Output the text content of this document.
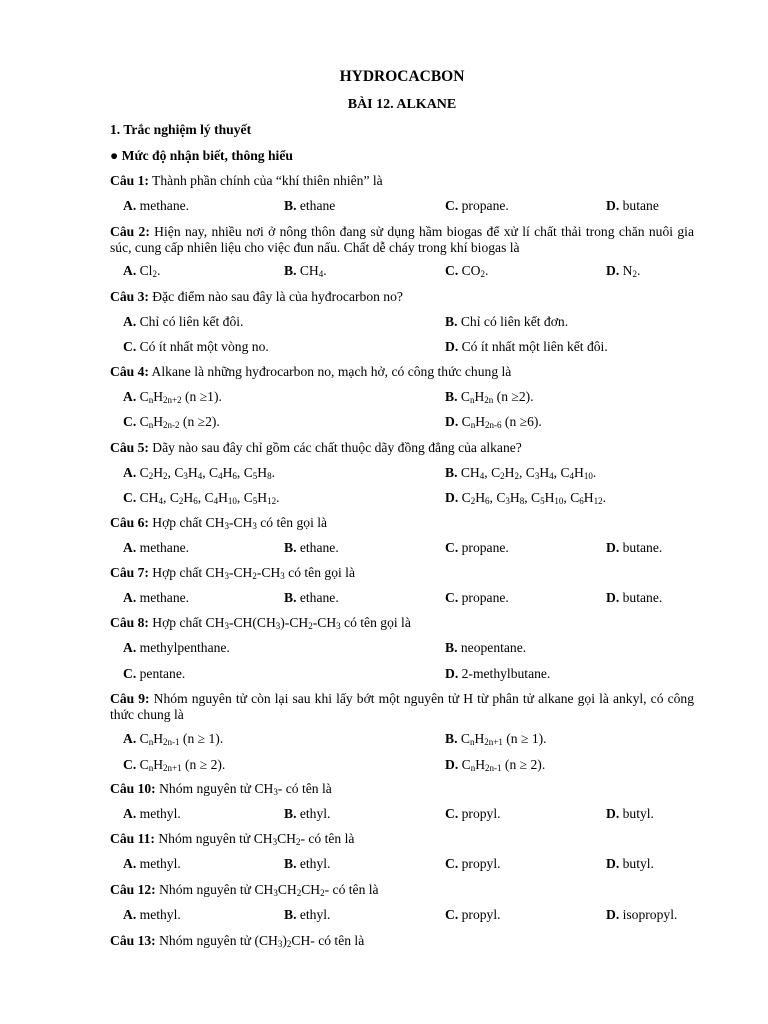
HYDROCACBON
BÀI 12. ALKANE
1. Trắc nghiệm lý thuyết
● Mức độ nhận biết, thông hiểu
Câu 1: Thành phần chính của “khí thiên nhiên” là
A. methane.	B. ethane	C. propane.	D. butane
Câu 2: Hiện nay, nhiều nơi ở nông thôn đang sử dụng hầm biogas để xử lí chất thải trong chăn nuôi gia súc, cung cấp nhiên liệu cho việc đun nấu. Chất dễ cháy trong khí biogas là
A. $Cl_2$.	B. $CH_4$.	C. $CO_2$.	D. $N_2$.
Câu 3: Đặc điểm nào sau đây là của hyđrocarbon no?
A. Chỉ có liên kết đôi.	B. Chỉ có liên kết đơn.
C. Có ít nhất một vòng no.	D. Có ít nhất một liên kết đôi.
Câu 4: Alkane là những hyđrocarbon no, mạch hở, có công thức chung là
A. $C_nH_{2n+2}$ (n ≥1).	B. $C_nH_{2n}$ (n ≥2).
C. $C_nH_{2n-2}$ (n ≥2).	D. $C_nH_{2n-6}$ (n ≥6).
Câu 5: Dãy nào sau đây chỉ gồm các chất thuộc dãy đồng đẳng của alkane?
A. $C_2H_2$, $C_3H_4$, $C_4H_6$, $C_5H_8$.	B. $CH_4$, $C_2H_2$, $C_3H_4$, $C_4H_{10}$.
C. $CH_4$, $C_2H_6$, $C_4H_{10}$, $C_5H_{12}$.	D. $C_2H_6$, $C_3H_8$, $C_5H_{10}$, $C_6H_{12}$.
Câu 6: Hợp chất $CH_3-CH_3$ có tên gọi là
A. methane.	B. ethane.	C. propane.	D. butane.
Câu 7: Hợp chất $CH_3-CH_2-CH_3$ có tên gọi là
A. methane.	B. ethane.	C. propane.	D. butane.
Câu 8: Hợp chất $CH_3-CH(CH_3)-CH_2-CH_3$ có tên gọi là
A. methylpenthane.	B. neopentane.
C. pentane.	D. 2-methylbutane.
Câu 9: Nhóm nguyên tử còn lại sau khi lấy bớt một nguyên tử H từ phân tử alkane gọi là ankyl, có công thức chung là
A. $C_nH_{2n-1}$ (n ≥ 1).	B. $C_nH_{2n+1}$ (n ≥ 1).
C. $C_nH_{2n+1}$ (n ≥ 2).	D. $C_nH_{2n-1}$ (n ≥ 2).
Câu 10: Nhóm nguyên tử $CH_3-$ có tên là
A. methyl.	B. ethyl.	C. propyl.	D. butyl.
Câu 11: Nhóm nguyên tử $CH_3CH_2-$ có tên là
A. methyl.	B. ethyl.	C. propyl.	D. butyl.
Câu 12: Nhóm nguyên tử $CH_3CH_2CH_2-$ có tên là
A. methyl.	B. ethyl.	C. propyl.	D. isopropyl.
Câu 13: Nhóm nguyên tử $(CH_3)_2CH-$ có tên là
